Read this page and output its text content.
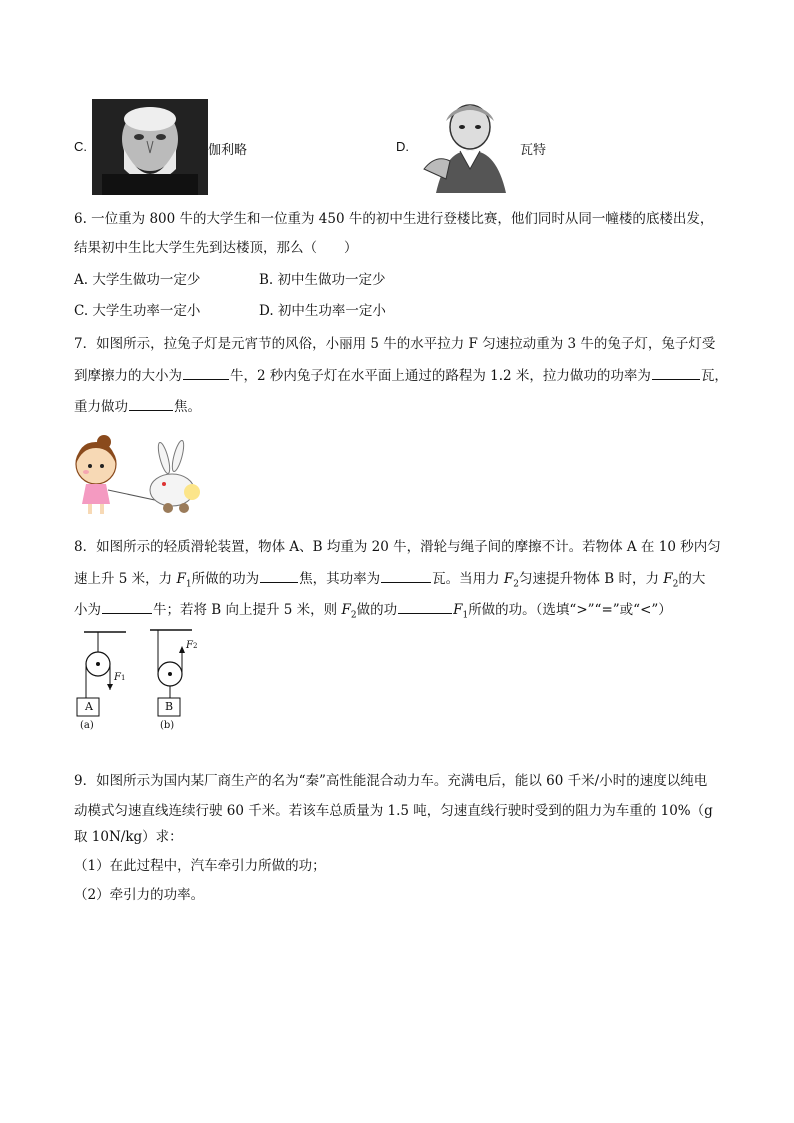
C.	伽利略	D.	瓦特
6. 一位重为 800 牛的大学生和一位重为 450 牛的初中生进行登楼比赛，他们同时从同一幢楼的底楼出发，
结果初中生比大学生先到达楼顶，那么（　　）
A. 大学生做功一定少	B. 初中生做功一定少
C. 大学生功率一定小	D. 初中生功率一定小
7．如图所示，拉兔子灯是元宵节的风俗，小丽用 5 牛的水平拉力 F 匀速拉动重为 3 牛的兔子灯，兔子灯受
到摩擦力的大小为	牛，2 秒内兔子灯在水平面上通过的路程为 1.2 米，拉力做功的功率为	瓦，
重力做功	焦。
8．如图所示的轻质滑轮装置，物体 A、B 均重为 20 牛，滑轮与绳子间的摩擦不计。若物体 A 在 10 秒内匀
速上升 5 米，力 $F_1$所做的功为	焦，其功率为	瓦。当用力 $F_2$匀速提升物体 B 时，力 $F_2$的大
小为	牛；若将 B 向上提升 5 米，则 $F_2$做的功	$F_1$所做的功。（选填“>”“=”或“<”）
A	B
F1
F2
(a)	(b)
9．如图所示为国内某厂商生产的名为“秦”高性能混合动力车。充满电后，能以 60 千米/小时的速度以纯电
动模式匀速直线连续行驶 60 千米。若该车总质量为 1.5 吨，匀速直线行驶时受到的阻力为车重的 10%（g
取 10N/kg）求：
（1）在此过程中，汽车牵引力所做的功；
（2）牵引力的功率。
